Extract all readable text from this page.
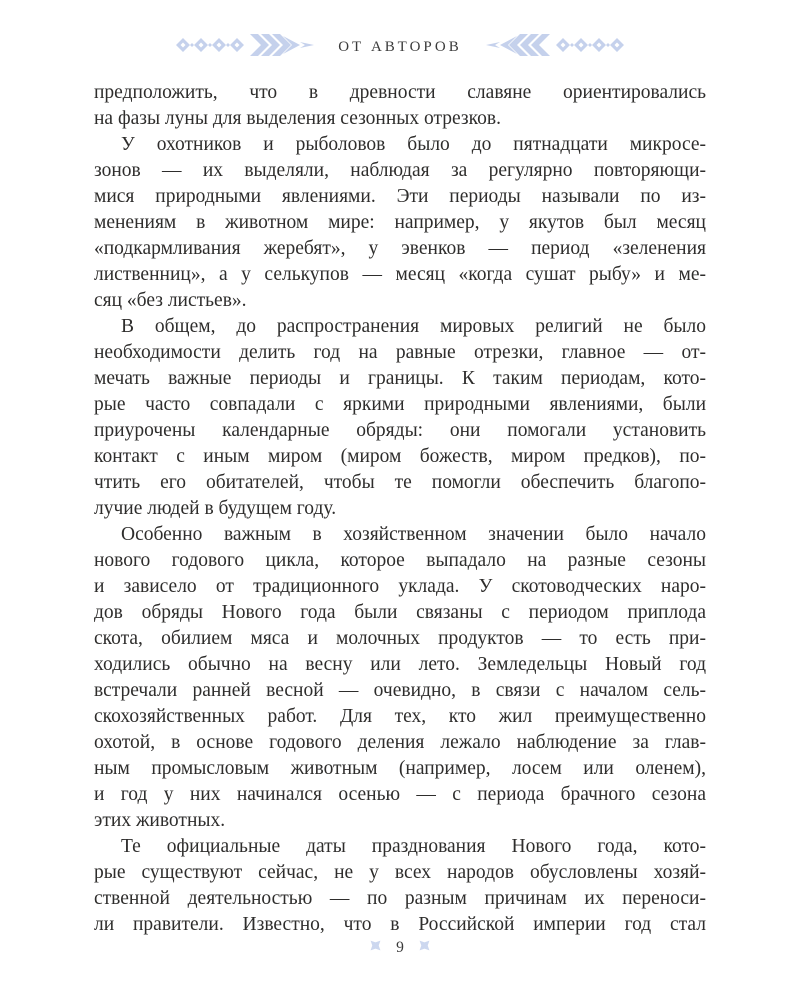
ОТ АВТОРОВ
предположить, что в древности славяне ориентировались
на фазы луны для выделения сезонных отрезков.
У охотников и рыболовов было до пятнадцати микросе-
зонов — их выделяли, наблюдая за регулярно повторяющи-
мися природными явлениями. Эти периоды называли по из-
менениям в животном мире: например, у якутов был месяц
«подкармливания жеребят», у эвенков — период «зеленения
лиственниц», а у селькупов — месяц «когда сушат рыбу» и ме-
сяц «без листьев».
В общем, до распространения мировых религий не было
необходимости делить год на равные отрезки, главное — от-
мечать важные периоды и границы. К таким периодам, кото-
рые часто совпадали с яркими природными явлениями, были
приурочены календарные обряды: они помогали установить
контакт с иным миром (миром божеств, миром предков), по-
чтить его обитателей, чтобы те помогли обеспечить благопо-
лучие людей в будущем году.
Особенно важным в хозяйственном значении было начало
нового годового цикла, которое выпадало на разные сезоны
и зависело от традиционного уклада. У скотоводческих наро-
дов обряды Нового года были связаны с периодом приплода
скота, обилием мяса и молочных продуктов — то есть при-
ходились обычно на весну или лето. Земледельцы Новый год
встречали ранней весной — очевидно, в связи с началом сель-
скохозяйственных работ. Для тех, кто жил преимущественно
охотой, в основе годового деления лежало наблюдение за глав-
ным промысловым животным (например, лосем или оленем),
и год у них начинался осенью — с периода брачного сезона
этих животных.
Те официальные даты празднования Нового года, кото-
рые существуют сейчас, не у всех народов обусловлены хозяй-
ственной деятельностью — по разным причинам их переноси-
ли правители. Известно, что в Российской империи год стал
9
